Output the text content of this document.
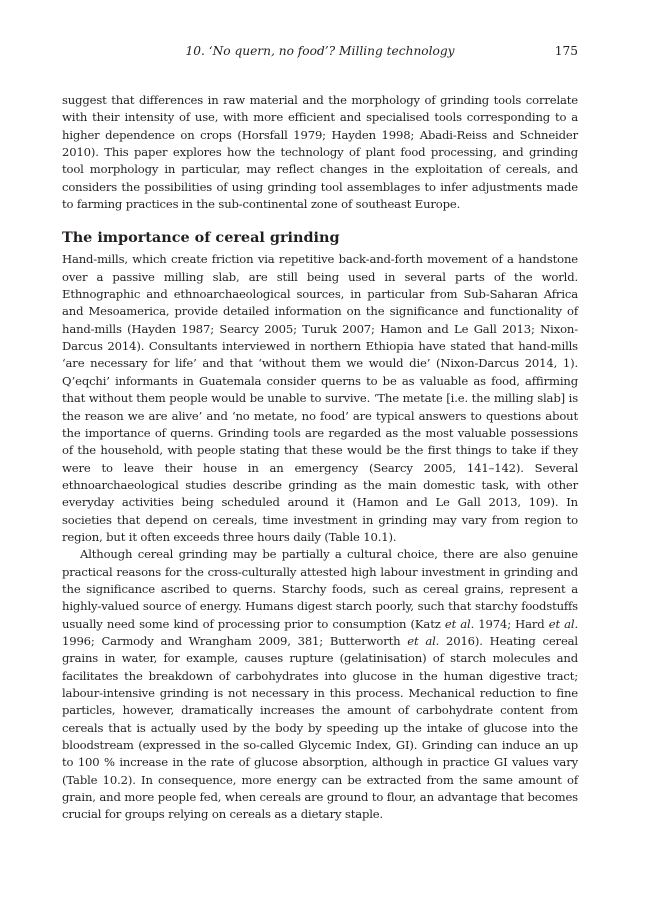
10. ‘No quern, no food’? Milling technology	175

suggest that differences in raw material and the morphology of grinding tools correlate with their intensity of use, with more efficient and specialised tools corresponding to a higher dependence on crops (Horsfall 1979; Hayden 1998; Abadi-Reiss and Schneider 2010). This paper explores how the technology of plant food processing, and grinding tool morphology in particular, may reflect changes in the exploitation of cereals, and considers the possibilities of using grinding tool assemblages to infer adjustments made to farming practices in the sub-continental zone of southeast Europe.

The importance of cereal grinding

Hand-mills, which create friction via repetitive back-and-forth movement of a handstone over a passive milling slab, are still being used in several parts of the world. Ethnographic and ethnoarchaeological sources, in particular from Sub-Saharan Africa and Mesoamerica, provide detailed information on the significance and functionality of hand-mills (Hayden 1987; Searcy 2005; Turuk 2007; Hamon and Le Gall 2013; Nixon-Darcus 2014). Consultants interviewed in northern Ethiopia have stated that hand-mills ‘are necessary for life’ and that ‘without them we would die’ (Nixon-Darcus 2014, 1). Q’eqchi’ informants in Guatemala consider querns to be as valuable as food, affirming that without them people would be unable to survive. ‘The metate [i.e. the milling slab] is the reason we are alive’ and ‘no metate, no food’ are typical answers to questions about the importance of querns. Grinding tools are regarded as the most valuable possessions of the household, with people stating that these would be the first things to take if they were to leave their house in an emergency (Searcy 2005, 141–142). Several ethnoarchaeological studies describe grinding as the main domestic task, with other everyday activities being scheduled around it (Hamon and Le Gall 2013, 109). In societies that depend on cereals, time investment in grinding may vary from region to region, but it often exceeds three hours daily (Table 10.1).

Although cereal grinding may be partially a cultural choice, there are also genuine practical reasons for the cross-culturally attested high labour investment in grinding and the significance ascribed to querns. Starchy foods, such as cereal grains, represent a highly-valued source of energy. Humans digest starch poorly, such that starchy foodstuffs usually need some kind of processing prior to consumption (Katz et al. 1974; Hard et al. 1996; Carmody and Wrangham 2009, 381; Butterworth et al. 2016). Heating cereal grains in water, for example, causes rupture (gelatinisation) of starch molecules and facilitates the breakdown of carbohydrates into glucose in the human digestive tract; labour-intensive grinding is not necessary in this process. Mechanical reduction to fine particles, however, dramatically increases the amount of carbohydrate content from cereals that is actually used by the body by speeding up the intake of glucose into the bloodstream (expressed in the so-called Glycemic Index, GI). Grinding can induce an up to 100 % increase in the rate of glucose absorption, although in practice GI values vary (Table 10.2). In consequence, more energy can be extracted from the same amount of grain, and more people fed, when cereals are ground to flour, an advantage that becomes crucial for groups relying on cereals as a dietary staple.
